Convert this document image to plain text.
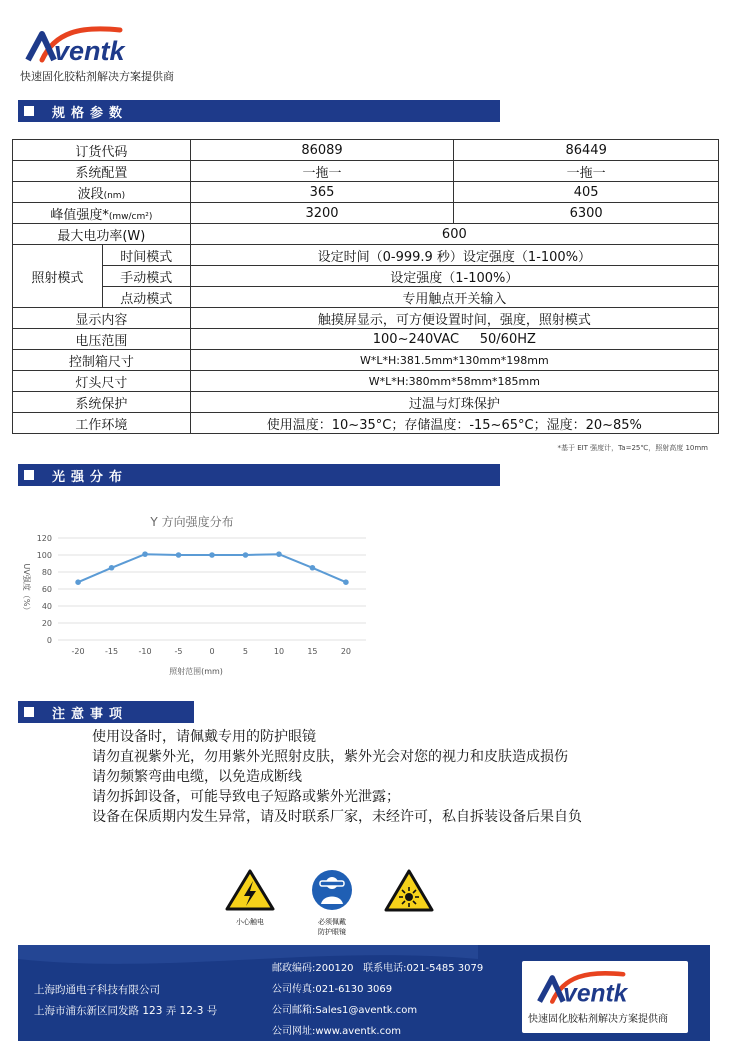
ventk
快速固化胶粘剂解决方案提供商
规格参数
订货代码		86089	86449
系统配置		一拖一	一拖一
波段(nm)		365	405
峰值强度*(mw/cm²)		3200	6300
最大电功率(W)		600	
照射模式	时间模式	设定时间（0-999.9 秒）设定强度（1-100%）	
	手动模式	设定强度（1-100%）	
	点动模式	专用触点开关输入	
显示内容		触摸屏显示，可方便设置时间，强度，照射模式	
电压范围		100~240VAC     50/60HZ	
控制箱尺寸		W*L*H:381.5mm*130mm*198mm	
灯头尺寸		W*L*H:380mm*58mm*185mm	
系统保护		过温与灯珠保护	
工作环境		使用温度：10~35°C；存储温度：-15~65°C；湿度：20~85%	
*基于 EIT 强度计，Ta=25℃，照射高度 10mm
光强分布
Y 方向强度分布
0
20
40
60
80
100
120
-20	-15	-10	-5	0	5	10	15	20
照射范围(mm)
UV强度（%）
注意事项
使用设备时，请佩戴专用的防护眼镜
请勿直视紫外光，勿用紫外光照射皮肤，紫外光会对您的视力和皮肤造成损伤
请勿频繁弯曲电缆，以免造成断线
请勿拆卸设备，可能导致电子短路或紫外光泄露；
设备在保质期内发生异常，请及时联系厂家，未经许可，私自拆装设备后果自负
小心触电	必须佩戴
防护眼镜
上海昀通电子科技有限公司
上海市浦东新区同发路 123 弄 12-3 号
邮政编码:200120   联系电话:021-5485 3079
公司传真:021-6130 3069
公司邮箱:Sales1@aventk.com
公司网址:www.aventk.com
ventk
快速固化胶粘剂解决方案提供商
